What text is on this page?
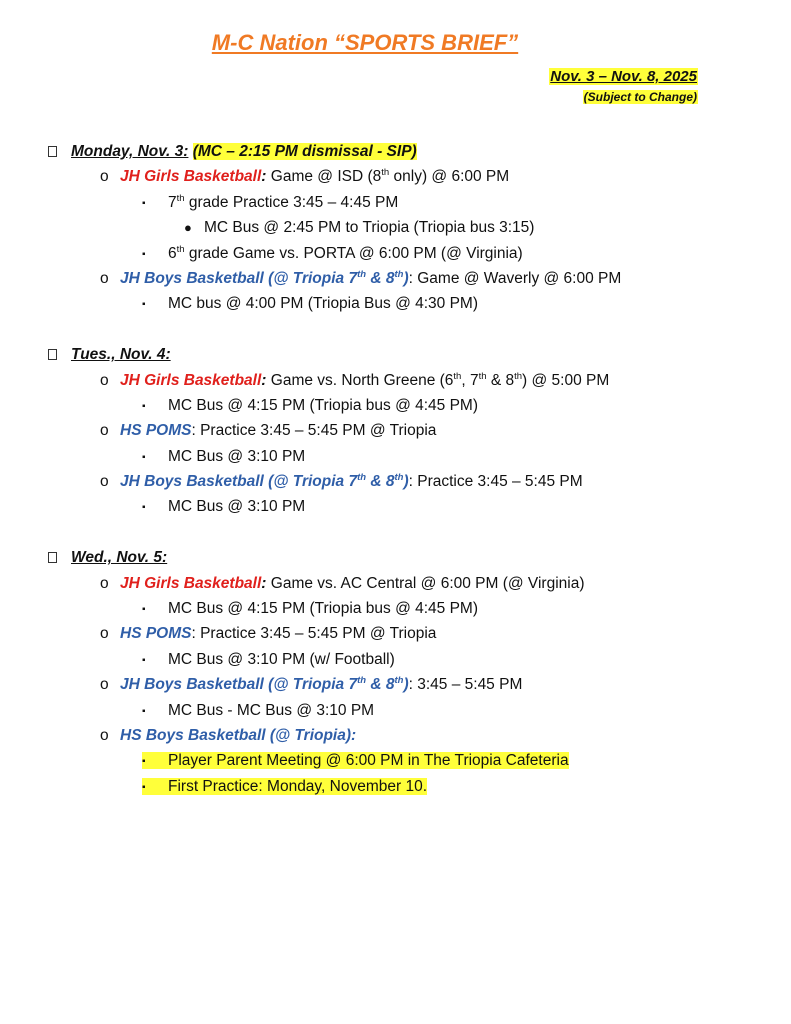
M-C Nation “SPORTS BRIEF”
Nov. 3 – Nov. 8, 2025
(Subject to Change)
Monday, Nov. 3: (MC – 2:15 PM dismissal - SIP)
o JH Girls Basketball: Game @ ISD (8th only) @ 6:00 PM
▪ 7th grade Practice 3:45 – 4:45 PM
● MC Bus @ 2:45 PM to Triopia (Triopia bus 3:15)
▪ 6th grade Game vs. PORTA @ 6:00 PM (@ Virginia)
o JH Boys Basketball (@ Triopia 7th & 8th): Game @ Waverly @ 6:00 PM
▪ MC bus @ 4:00 PM (Triopia Bus @ 4:30 PM)
Tues., Nov. 4:
o JH Girls Basketball: Game vs. North Greene (6th, 7th & 8th) @ 5:00 PM
▪ MC Bus @ 4:15 PM (Triopia bus @ 4:45 PM)
o HS POMS: Practice 3:45 – 5:45 PM @ Triopia
▪ MC Bus @ 3:10 PM
o JH Boys Basketball (@ Triopia 7th & 8th): Practice 3:45 – 5:45 PM
▪ MC Bus @ 3:10 PM
Wed., Nov. 5:
o JH Girls Basketball: Game vs. AC Central @ 6:00 PM (@ Virginia)
▪ MC Bus @ 4:15 PM (Triopia bus @ 4:45 PM)
o HS POMS: Practice 3:45 – 5:45 PM @ Triopia
▪ MC Bus @ 3:10 PM (w/ Football)
o JH Boys Basketball (@ Triopia 7th & 8th): 3:45 – 5:45 PM
▪ MC Bus - MC Bus @ 3:10 PM
o HS Boys Basketball (@ Triopia):
▪ Player Parent Meeting @ 6:00 PM in The Triopia Cafeteria
▪ First Practice: Monday, November 10.
